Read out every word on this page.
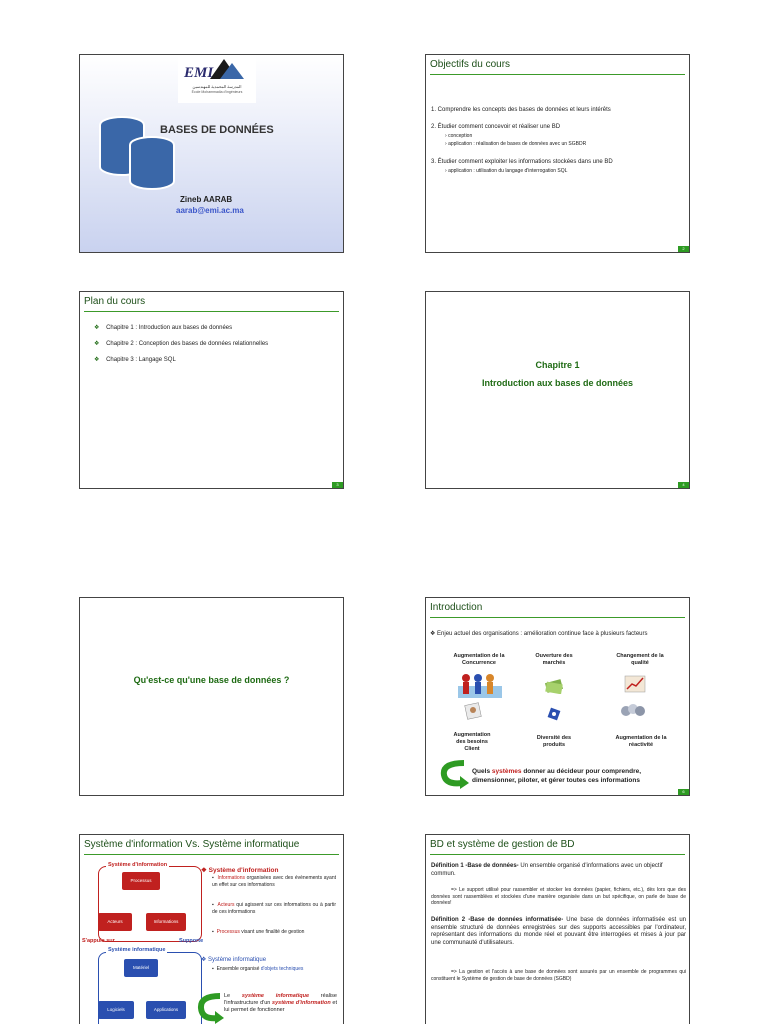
EMI
المدرسة المحمدية للمهندسين
École Mohammadia d'ingénieurs
BASES DE DONNÉES
Zineb AARAB
aarab@emi.ac.ma
Objectifs du cours
1. Comprendre les concepts des bases de données et leurs intérêts
2. Étudier comment concevoir et réaliser une BD
› conception
› application : réalisation de bases de données avec un SGBDR
3. Étudier comment exploiter les informations stockées dans une BD
› application : utilisation du langage d'interrogation SQL
2
Plan du cours
❖ Chapitre 1 : Introduction aux bases de données
❖ Chapitre 2 : Conception des bases de données relationnelles
❖ Chapitre 3 : Langage SQL
3
Chapitre 1
Introduction aux bases de données
4
Qu'est-ce qu'une base de données ?
Introduction
❖ Enjeu actuel des organisations : amélioration continue face à plusieurs facteurs
Augmentation de la Concurrence
Ouverture des marchés
Changement de la qualité
Augmentation des besoins Client
Diversité des produits
Augmentation de la réactivité
Quels systèmes donner au décideur pour comprendre, dimensionner, piloter, et gérer toutes ces informations
6
Système d'information Vs. Système informatique
Système d'information
Processus
Acteurs	Informations
S'appuie sur	Supporte
Système informatique
Matériel
Logiciels	Applications
❖ Système d'information
▪  Informations organisées avec des évènements ayant un effet sur ces informations
▪  Acteurs qui agissent sur ces informations ou à partir de ces informations
▪  Processus visant une finalité de gestion
❖ Système informatique
▪  Ensemble organisé d'objets techniques
Le système informatique réalise l'infrastructure d'un système d'information et lui permet de fonctionner
BD et système de gestion de BD
Définition 1 -Base de données- Un ensemble organisé d'informations avec un objectif commun.
=> Le support utilisé pour rassembler et stocker les données (papier, fichiers, etc.), dès lors que des données sont rassemblées et stockées d'une manière organisée dans un but spécifique, on parle de base de données!
Définition 2 -Base de données informatisée- Une base de données informatisée est un ensemble structuré de données enregistrées sur des supports accessibles par l'ordinateur, représentant des informations du monde réel et pouvant être interrogées et mises à jour par une communauté d'utilisateurs.
=> La gestion et l'accès à une base de données sont assurés par un ensemble de programmes qui constituent le Système de gestion de base de données (SGBD)
